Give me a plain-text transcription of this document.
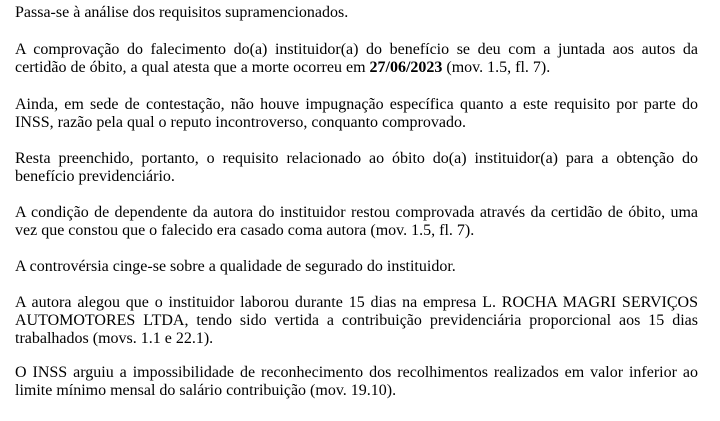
Passa-se à análise dos requisitos supramencionados.

A comprovação do falecimento do(a) instituidor(a) do benefício se deu com a juntada aos autos da certidão de óbito, a qual atesta que a morte ocorreu em 27/06/2023 (mov. 1.5, fl. 7).

Ainda, em sede de contestação, não houve impugnação específica quanto a este requisito por parte do INSS, razão pela qual o reputo incontroverso, conquanto comprovado.

Resta preenchido, portanto, o requisito relacionado ao óbito do(a) instituidor(a) para a obtenção do benefício previdenciário.

A condição de dependente da autora do instituidor restou comprovada através da certidão de óbito, uma vez que constou que o falecido era casado coma autora (mov. 1.5, fl. 7).

A controvérsia cinge-se sobre a qualidade de segurado do instituidor.

A autora alegou que o instituidor laborou durante 15 dias na empresa L. ROCHA MAGRI SERVIÇOS AUTOMOTORES LTDA, tendo sido vertida a contribuição previdenciária proporcional aos 15 dias trabalhados (movs. 1.1 e 22.1).

O INSS arguiu a impossibilidade de reconhecimento dos recolhimentos realizados em valor inferior ao limite mínimo mensal do salário contribuição (mov. 19.10).
